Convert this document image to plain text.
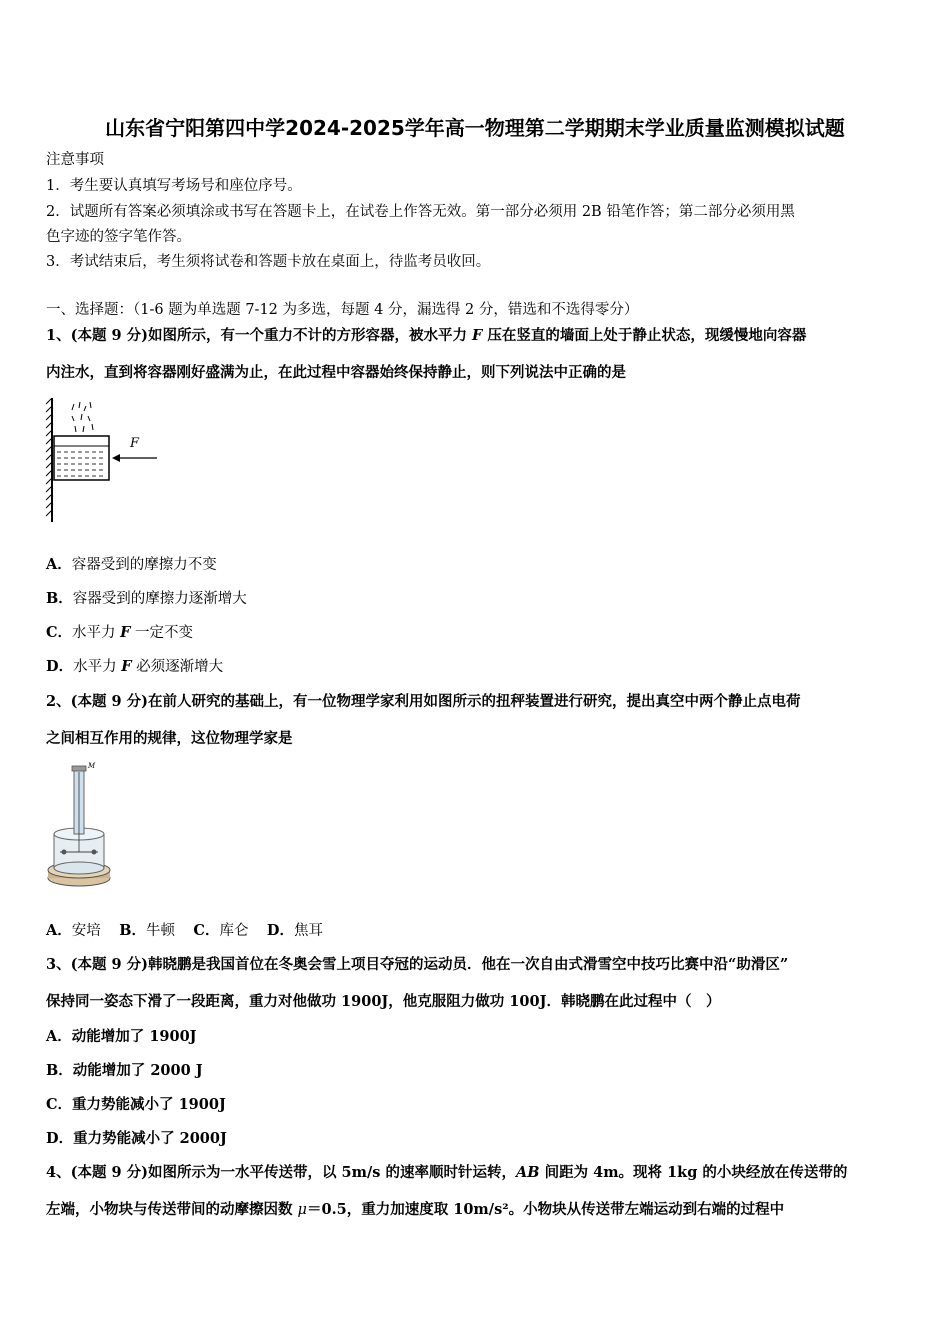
山东省宁阳第四中学2024-2025学年高一物理第二学期期末学业质量监测模拟试题
注意事项
1．考生要认真填写考场号和座位序号。
2．试题所有答案必须填涂或书写在答题卡上，在试卷上作答无效。第一部分必须用 2B 铅笔作答；第二部分必须用黑
色字迹的签字笔作答。
3．考试结束后，考生须将试卷和答题卡放在桌面上，待监考员收回。
一、选择题：（1-6 题为单选题 7-12 为多选，每题 4 分，漏选得 2 分，错选和不选得零分）
1、(本题 9 分)如图所示，有一个重力不计的方形容器，被水平力 F 压在竖直的墙面上处于静止状态，现缓慢地向容器
内注水，直到将容器刚好盛满为止，在此过程中容器始终保持静止，则下列说法中正确的是
F
A．容器受到的摩擦力不变
B．容器受到的摩擦力逐渐增大
C．水平力 F 一定不变
D．水平力 F 必须逐渐增大
2、(本题 9 分)在前人研究的基础上，有一位物理学家利用如图所示的扭秤装置进行研究，提出真空中两个静止点电荷
之间相互作用的规律，这位物理学家是
M
A．安培 B．牛顿 C．库仑 D．焦耳
3、(本题 9 分)韩晓鹏是我国首位在冬奥会雪上项目夺冠的运动员．他在一次自由式滑雪空中技巧比赛中沿“助滑区”
保持同一姿态下滑了一段距离，重力对他做功 1900J，他克服阻力做功 100J．韩晓鹏在此过程中（　）
A．动能增加了 1900J
B．动能增加了 2000 J
C．重力势能减小了 1900J
D．重力势能减小了 2000J
4、(本题 9 分)如图所示为一水平传送带，以 5m/s 的速率顺时针运转，AB 间距为 4m。现将 1kg 的小块经放在传送带的
左端，小物块与传送带间的动摩擦因数 μ＝0.5，重力加速度取 10m/s²。小物块从传送带左端运动到右端的过程中
